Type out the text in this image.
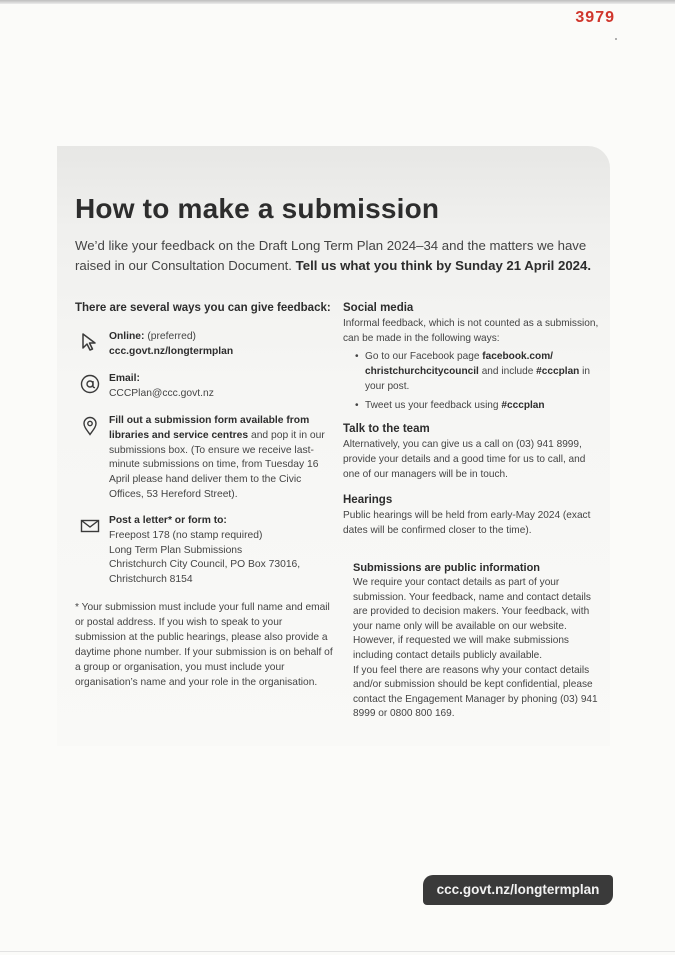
3979
How to make a submission

We’d like your feedback on the Draft Long Term Plan 2024–34 and the matters we have raised in our Consultation Document. Tell us what you think by Sunday 21 April 2024.

There are several ways you can give feedback:
Online: (preferred)
ccc.govt.nz/longtermplan
Email:
CCCPlan@ccc.govt.nz
Fill out a submission form available from libraries and service centres and pop it in our submissions box. (To ensure we receive last-minute submissions on time, from Tuesday 16 April please hand deliver them to the Civic Offices, 53 Hereford Street).
Post a letter* or form to:
Freepost 178 (no stamp required)
Long Term Plan Submissions
Christchurch City Council, PO Box 73016,
Christchurch 8154

* Your submission must include your full name and email or postal address. If you wish to speak to your submission at the public hearings, please also provide a daytime phone number. If your submission is on behalf of a group or organisation, you must include your organisation’s name and your role in the organisation.

Social media

Informal feedback, which is not counted as a submission, can be made in the following ways:

• Go to our Facebook page facebook.com/ christchurchcitycouncil and include #cccplan in your post.
• Tweet us your feedback using #cccplan
Talk to the team

Alternatively, you can give us a call on (03) 941 8999, provide your details and a good time for us to call, and one of our managers will be in touch.

Hearings

Public hearings will be held from early-May 2024 (exact dates will be confirmed closer to the time).

Submissions are public information

We require your contact details as part of your submission. Your feedback, name and contact details are provided to decision makers. Your feedback, with your name only will be available on our website. However, if requested we will make submissions including contact details publicly available.

If you feel there are reasons why your contact details and/or submission should be kept confidential, please contact the Engagement Manager by phoning (03) 941 8999 or 0800 800 169.

ccc.govt.nz/longtermplan
